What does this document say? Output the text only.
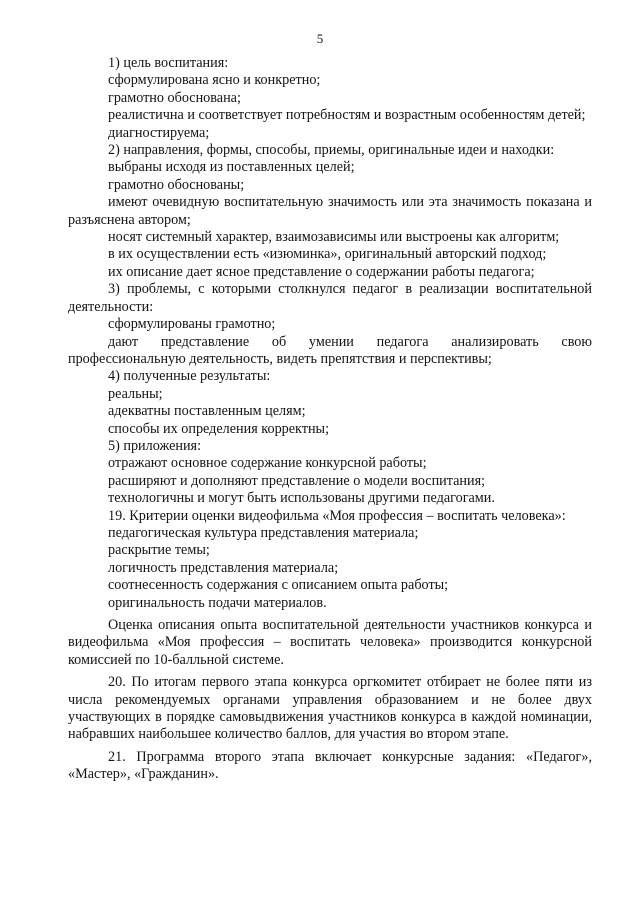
5

1) цель воспитания:

сформулирована ясно и конкретно;

грамотно обоснована;

реалистична и соответствует потребностям и возрастным особенностям детей;

диагностируема;

2) направления, формы, способы, приемы, оригинальные идеи и находки:

выбраны исходя из поставленных целей;

грамотно обоснованы;

имеют очевидную воспитательную значимость или эта значимость показана и разъяснена автором;

носят системный характер, взаимозависимы или выстроены как алгоритм;

в их осуществлении есть «изюминка», оригинальный авторский подход;

их описание дает ясное представление о содержании работы педагога;

3) проблемы, с которыми столкнулся педагог в реализации воспитательной деятельности:

сформулированы грамотно;

дают представление об умении педагога анализировать свою профессиональную деятельность, видеть препятствия и перспективы;

4) полученные результаты:

реальны;

адекватны поставленным целям;

способы их определения корректны;

5) приложения:

отражают основное содержание конкурсной работы;

расширяют и дополняют представление о модели воспитания;

технологичны и могут быть использованы другими педагогами.

19. Критерии оценки видеофильма «Моя профессия – воспитать человека»:

педагогическая культура представления материала;

раскрытие темы;

логичность представления материала;

соотнесенность содержания с описанием опыта работы;

оригинальность подачи материалов.

Оценка описания опыта воспитательной деятельности участников конкурса и видеофильма «Моя профессия – воспитать человека» производится конкурсной комиссией по 10-балльной системе.

20. По итогам первого этапа конкурса оргкомитет отбирает не более пяти из числа рекомендуемых органами управления образованием и не более двух участвующих в порядке самовыдвижения участников конкурса в каждой номинации, набравших наибольшее количество баллов, для участия во втором этапе.

21. Программа второго этапа включает конкурсные задания: «Педагог», «Мастер», «Гражданин».
